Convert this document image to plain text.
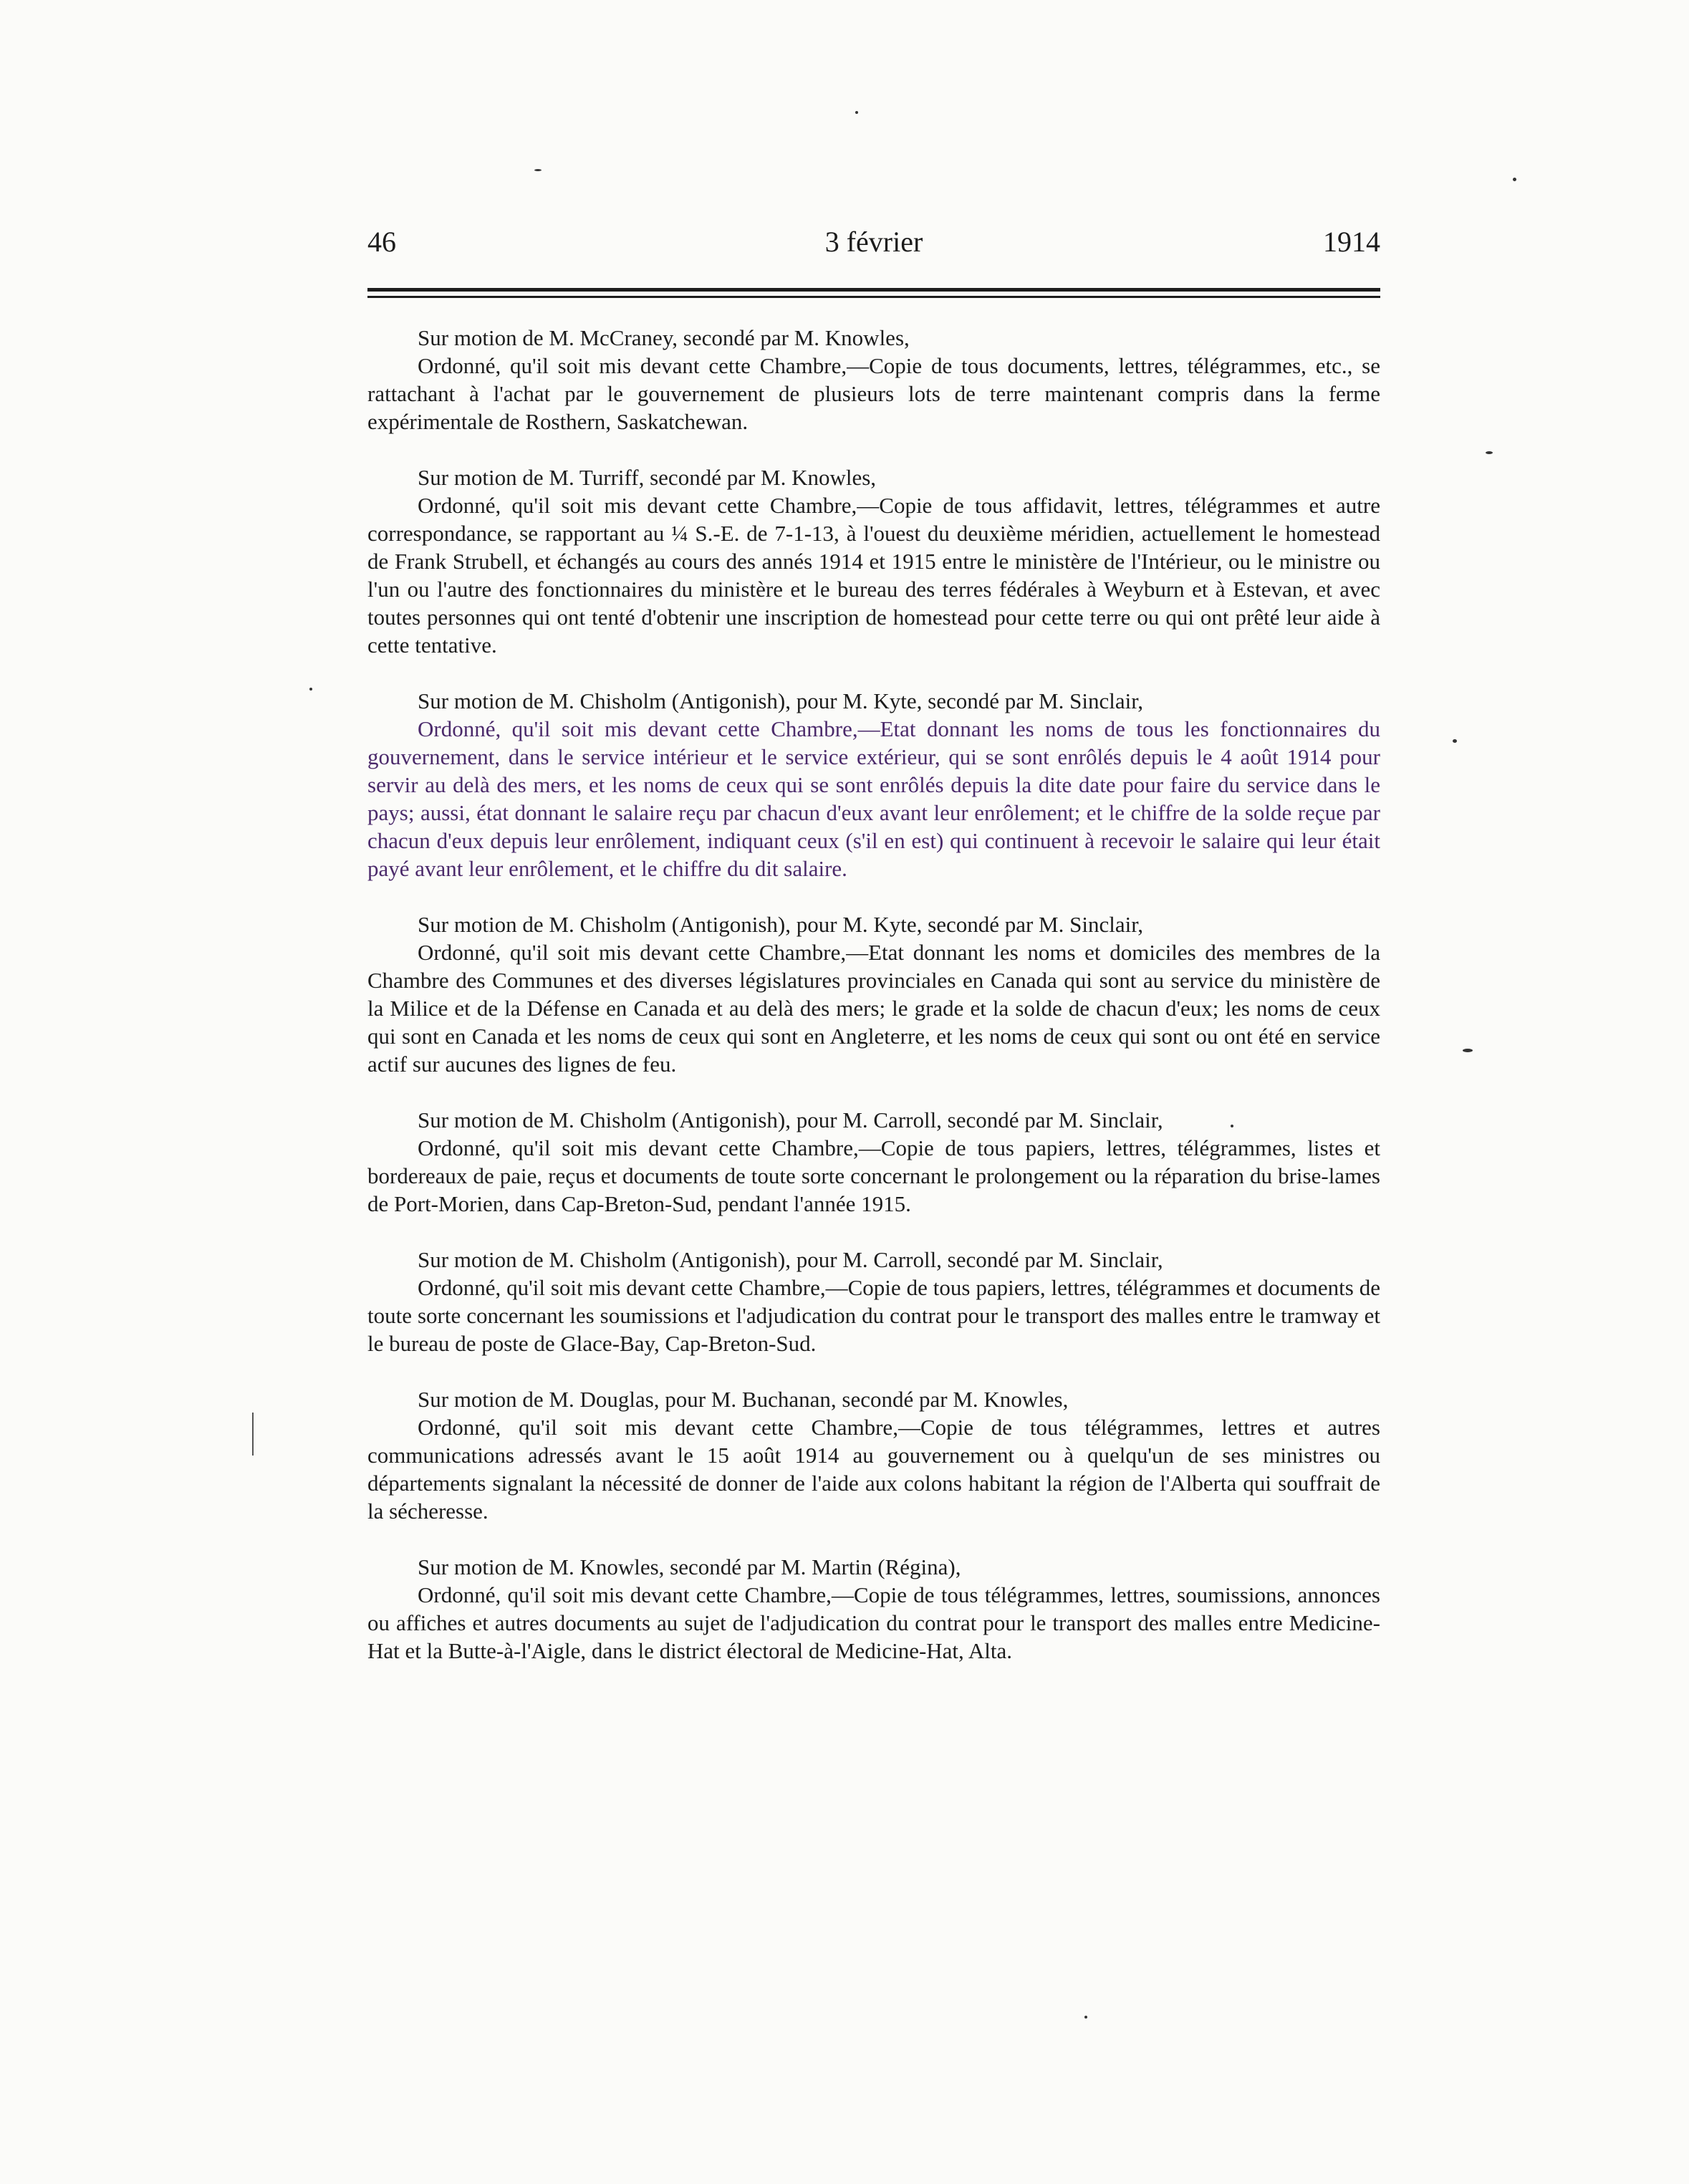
46	3 février	1914

Sur motion de M. McCraney, secondé par M. Knowles,

Ordonné, qu'il soit mis devant cette Chambre,—Copie de tous documents, lettres, télégrammes, etc., se rattachant à l'achat par le gouvernement de plusieurs lots de terre maintenant compris dans la ferme expérimentale de Rosthern, Saskatchewan.

Sur motion de M. Turriff, secondé par M. Knowles,

Ordonné, qu'il soit mis devant cette Chambre,—Copie de tous affidavit, lettres, télégrammes et autre correspondance, se rapportant au ¼ S.-E. de 7-1-13, à l'ouest du deuxième méridien, actuellement le homestead de Frank Strubell, et échangés au cours des annés 1914 et 1915 entre le ministère de l'Intérieur, ou le ministre ou l'un ou l'autre des fonctionnaires du ministère et le bureau des terres fédérales à Weyburn et à Estevan, et avec toutes personnes qui ont tenté d'obtenir une inscription de homestead pour cette terre ou qui ont prêté leur aide à cette tentative.

Sur motion de M. Chisholm (Antigonish), pour M. Kyte, secondé par M. Sinclair,

Ordonné, qu'il soit mis devant cette Chambre,—Etat donnant les noms de tous les fonctionnaires du gouvernement, dans le service intérieur et le service extérieur, qui se sont enrôlés depuis le 4 août 1914 pour servir au delà des mers, et les noms de ceux qui se sont enrôlés depuis la dite date pour faire du service dans le pays; aussi, état donnant le salaire reçu par chacun d'eux avant leur enrôlement; et le chiffre de la solde reçue par chacun d'eux depuis leur enrôlement, indiquant ceux (s'il en est) qui continuent à recevoir le salaire qui leur était payé avant leur enrôlement, et le chiffre du dit salaire.

Sur motion de M. Chisholm (Antigonish), pour M. Kyte, secondé par M. Sinclair,

Ordonné, qu'il soit mis devant cette Chambre,—Etat donnant les noms et domiciles des membres de la Chambre des Communes et des diverses législatures provinciales en Canada qui sont au service du ministère de la Milice et de la Défense en Canada et au delà des mers; le grade et la solde de chacun d'eux; les noms de ceux qui sont en Canada et les noms de ceux qui sont en Angleterre, et les noms de ceux qui sont ou ont été en service actif sur aucunes des lignes de feu.

Sur motion de M. Chisholm (Antigonish), pour M. Carroll, secondé par M. Sinclair,

Ordonné, qu'il soit mis devant cette Chambre,—Copie de tous papiers, lettres, télégrammes, listes et bordereaux de paie, reçus et documents de toute sorte concernant le prolongement ou la réparation du brise-lames de Port-Morien, dans Cap-Breton-Sud, pendant l'année 1915.

Sur motion de M. Chisholm (Antigonish), pour M. Carroll, secondé par M. Sinclair,

Ordonné, qu'il soit mis devant cette Chambre,—Copie de tous papiers, lettres, télégrammes et documents de toute sorte concernant les soumissions et l'adjudication du contrat pour le transport des malles entre le tramway et le bureau de poste de Glace-Bay, Cap-Breton-Sud.

Sur motion de M. Douglas, pour M. Buchanan, secondé par M. Knowles,

Ordonné, qu'il soit mis devant cette Chambre,—Copie de tous télégrammes, lettres et autres communications adressés avant le 15 août 1914 au gouvernement ou à quelqu'un de ses ministres ou départements signalant la nécessité de donner de l'aide aux colons habitant la région de l'Alberta qui souffrait de la sécheresse.

Sur motion de M. Knowles, secondé par M. Martin (Régina),

Ordonné, qu'il soit mis devant cette Chambre,—Copie de tous télégrammes, lettres, soumissions, annonces ou affiches et autres documents au sujet de l'adjudication du contrat pour le transport des malles entre Medicine-Hat et la Butte-à-l'Aigle, dans le district électoral de Medicine-Hat, Alta.
